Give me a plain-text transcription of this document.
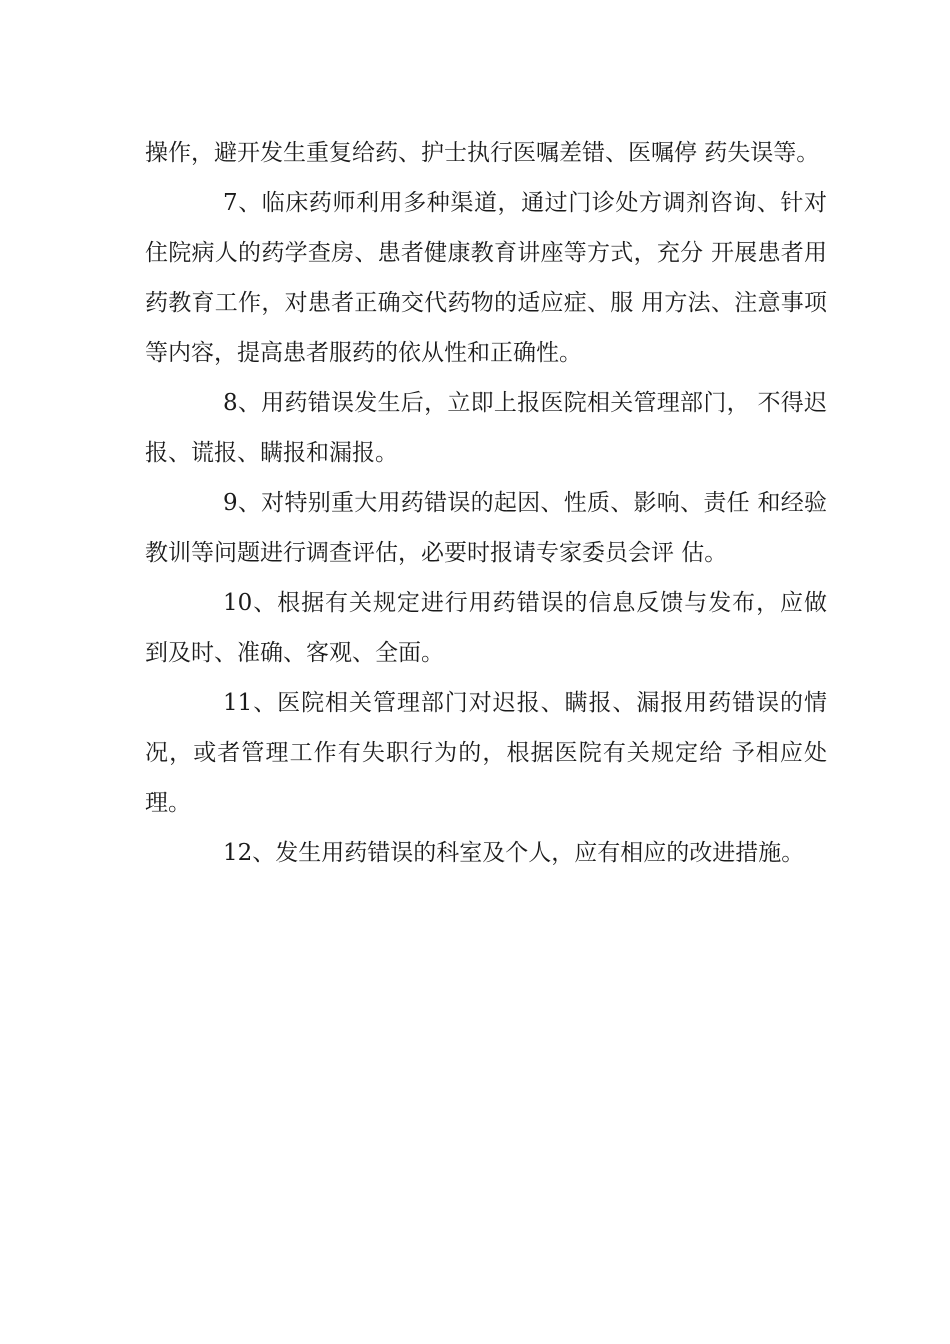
操作，避开发生重复给药、护士执行医嘱差错、医嘱停 药失误等。

7、临床药师利用多种渠道，通过门诊处方调剂咨询、针对住院病人的药学查房、患者健康教育讲座等方式，充分 开展患者用药教育工作，对患者正确交代药物的适应症、服 用方法、注意事项等内容，提高患者服药的依从性和正确性。

8、用药错误发生后，立即上报医院相关管理部门， 不得迟报、谎报、瞒报和漏报。

9、对特别重大用药错误的起因、性质、影响、责任 和经验教训等问题进行调查评估，必要时报请专家委员会评 估。

10、根据有关规定进行用药错误的信息反馈与发布，应做到及时、准确、客观、全面。

11、医院相关管理部门对迟报、瞒报、漏报用药错误的情况，或者管理工作有失职行为的，根据医院有关规定给 予相应处理。

12、发生用药错误的科室及个人，应有相应的改进措施。
